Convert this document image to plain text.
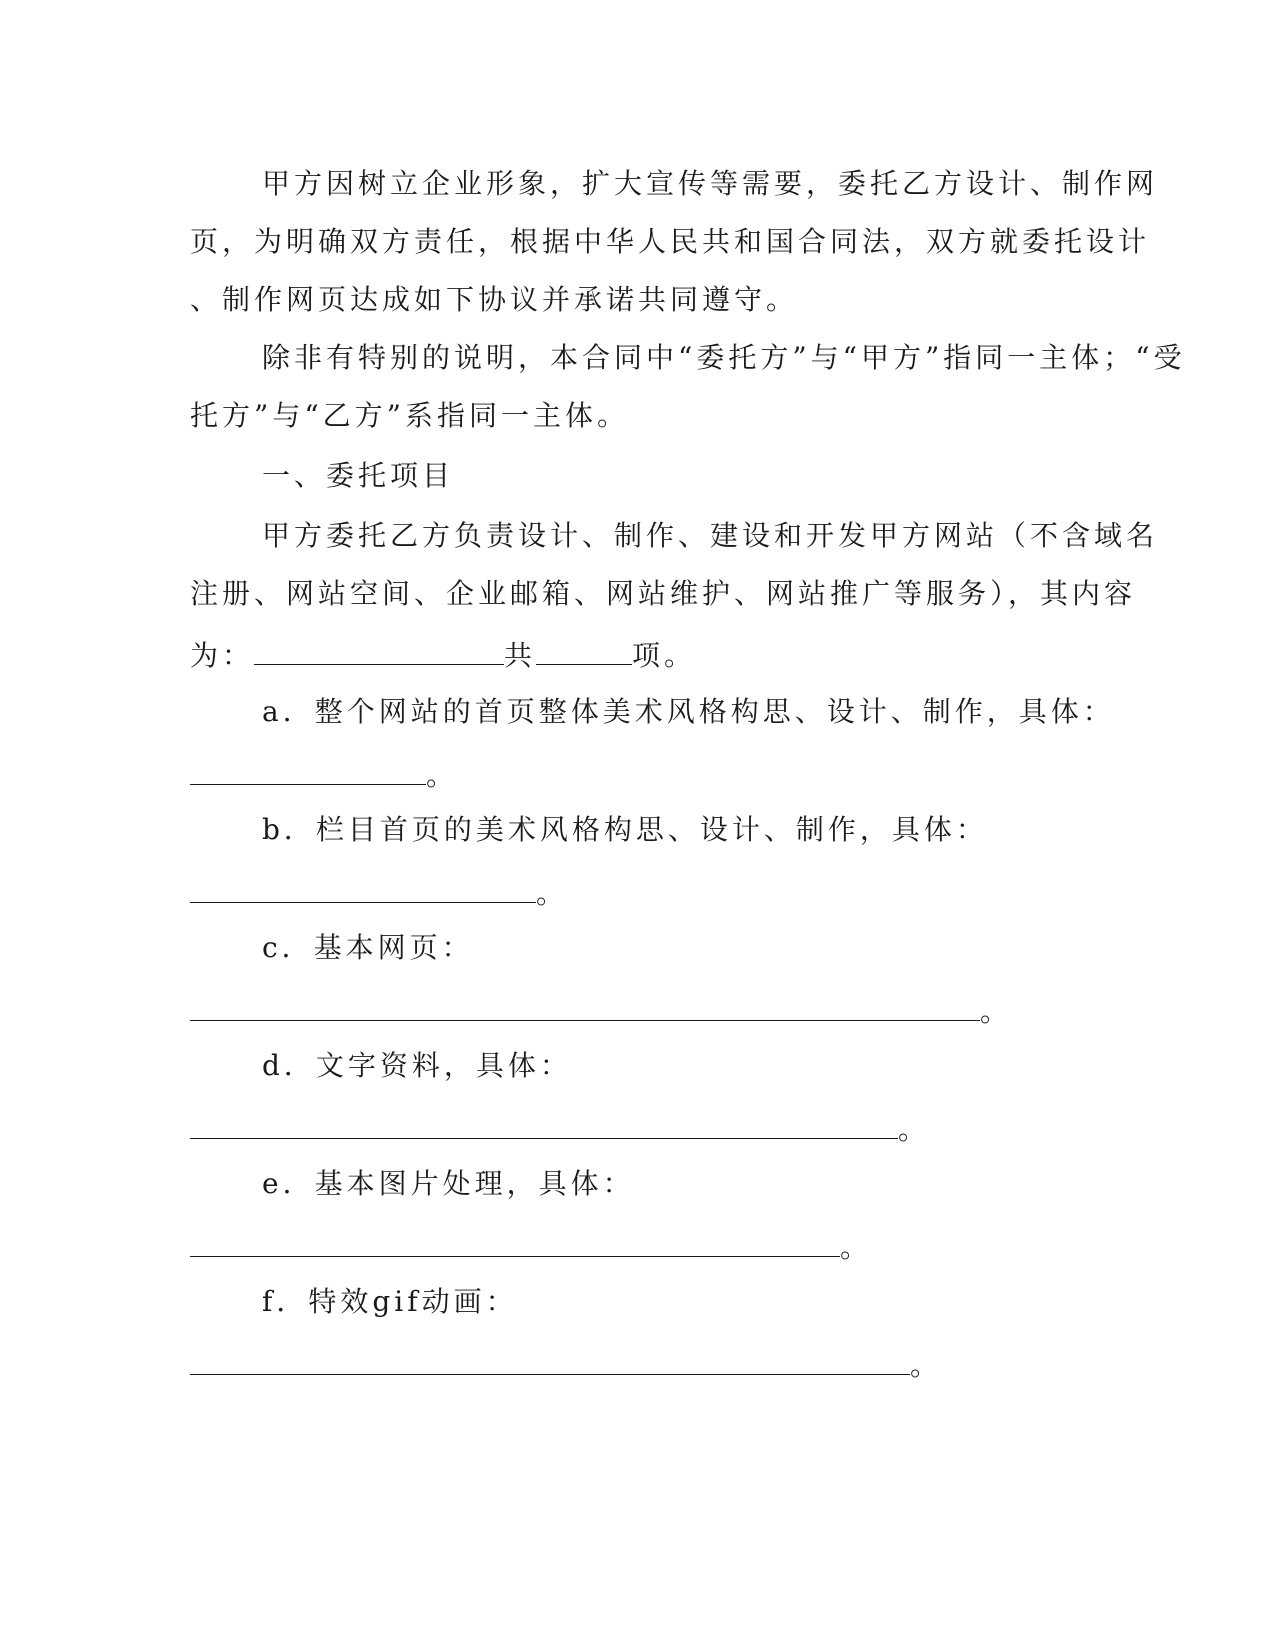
甲方因树立企业形象，扩大宣传等需要，委托乙方设计、制作网
页，为明确双方责任，根据中华人民共和国合同法，双方就委托设计
、制作网页达成如下协议并承诺共同遵守。
除非有特别的说明，本合同中“委托方”与“甲方”指同一主体；“受
托方”与“乙方”系指同一主体。
一、委托项目
甲方委托乙方负责设计、制作、建设和开发甲方网站（不含域名
注册、网站空间、企业邮箱、网站维护、网站推广等服务），其内容
为：	共	项。
a．整个网站的首页整体美术风格构思、设计、制作，具体：
。
b．栏目首页的美术风格构思、设计、制作，具体：
。
c．基本网页：
。
d．文字资料，具体：
。
e．基本图片处理，具体：
。
f．特效gif动画：
。
